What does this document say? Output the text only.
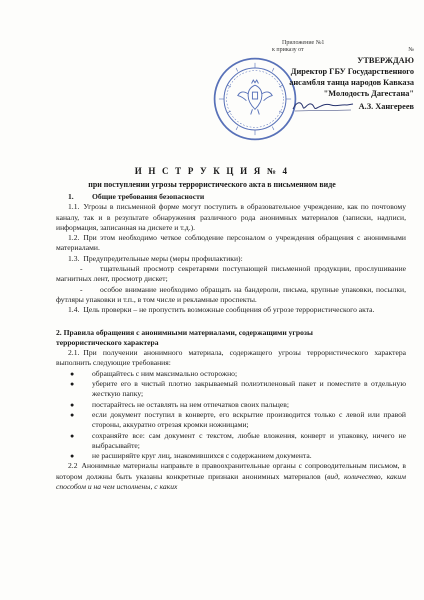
Приложение №1
к приказу от	№
УТВЕРЖДАЮ
Директор ГБУ Государственного
ансамбля танца народов Кавказа
"Молодость Дагестана"
А.З. Хангереев
И Н С Т Р У К Ц И Я № 4
при поступлении угрозы террористического акта в письменном виде
1. Общие требования безопасности
1.1. Угрозы в письменной форме могут поступить в образовательное учреждение, как по почтовому каналу, так и в результате обнаружения различного рода анонимных материалов (записки, надписи, информация, записанная на дискете и т.д.).
1.2. При этом необходимо четкое соблюдение персоналом о учреждения обращения с анонимными материалами.
1.3. Предупредительные меры (меры профилактики):
- тщательный просмотр секретарями поступающей письменной продукции, прослушивание магнитных лент, просмотр дискет;
- особое внимание необходимо обращать на бандероли, письма, крупные упаковки, посылки, футляры упаковки и т.п., в том числе и рекламные проспекты.
1.4. Цель проверки – не пропустить возможные сообщения об угрозе террористического акта.
2. Правила обращения с анонимными материалами, содержащими угрозы
террористического характера
2.1. При получении анонимного материала, содержащего угрозы террористического характера выполнить следующие требования:
● обращайтесь с ним максимально осторожно;
● уберите его в чистый плотно закрываемый полиэтиленовый пакет и поместите в отдельную жесткую папку;
● постарайтесь не оставлять на нем отпечатков своих пальцев;
● если документ поступил в конверте, его вскрытие производится только с левой или правой стороны, аккуратно отрезая кромки ножницами;
● сохраняйте все: сам документ с текстом, любые вложения, конверт и упаковку, ничего не выбрасывайте;
● не расширяйте круг лиц, знакомившихся с содержанием документа.
2.2 Анонимные материалы направьте в правоохранительные органы с сопроводительным письмом, в котором должны быть указаны конкретные признаки анонимных материалов (вид, количество, каким способом и на чем исполнены, с каких
